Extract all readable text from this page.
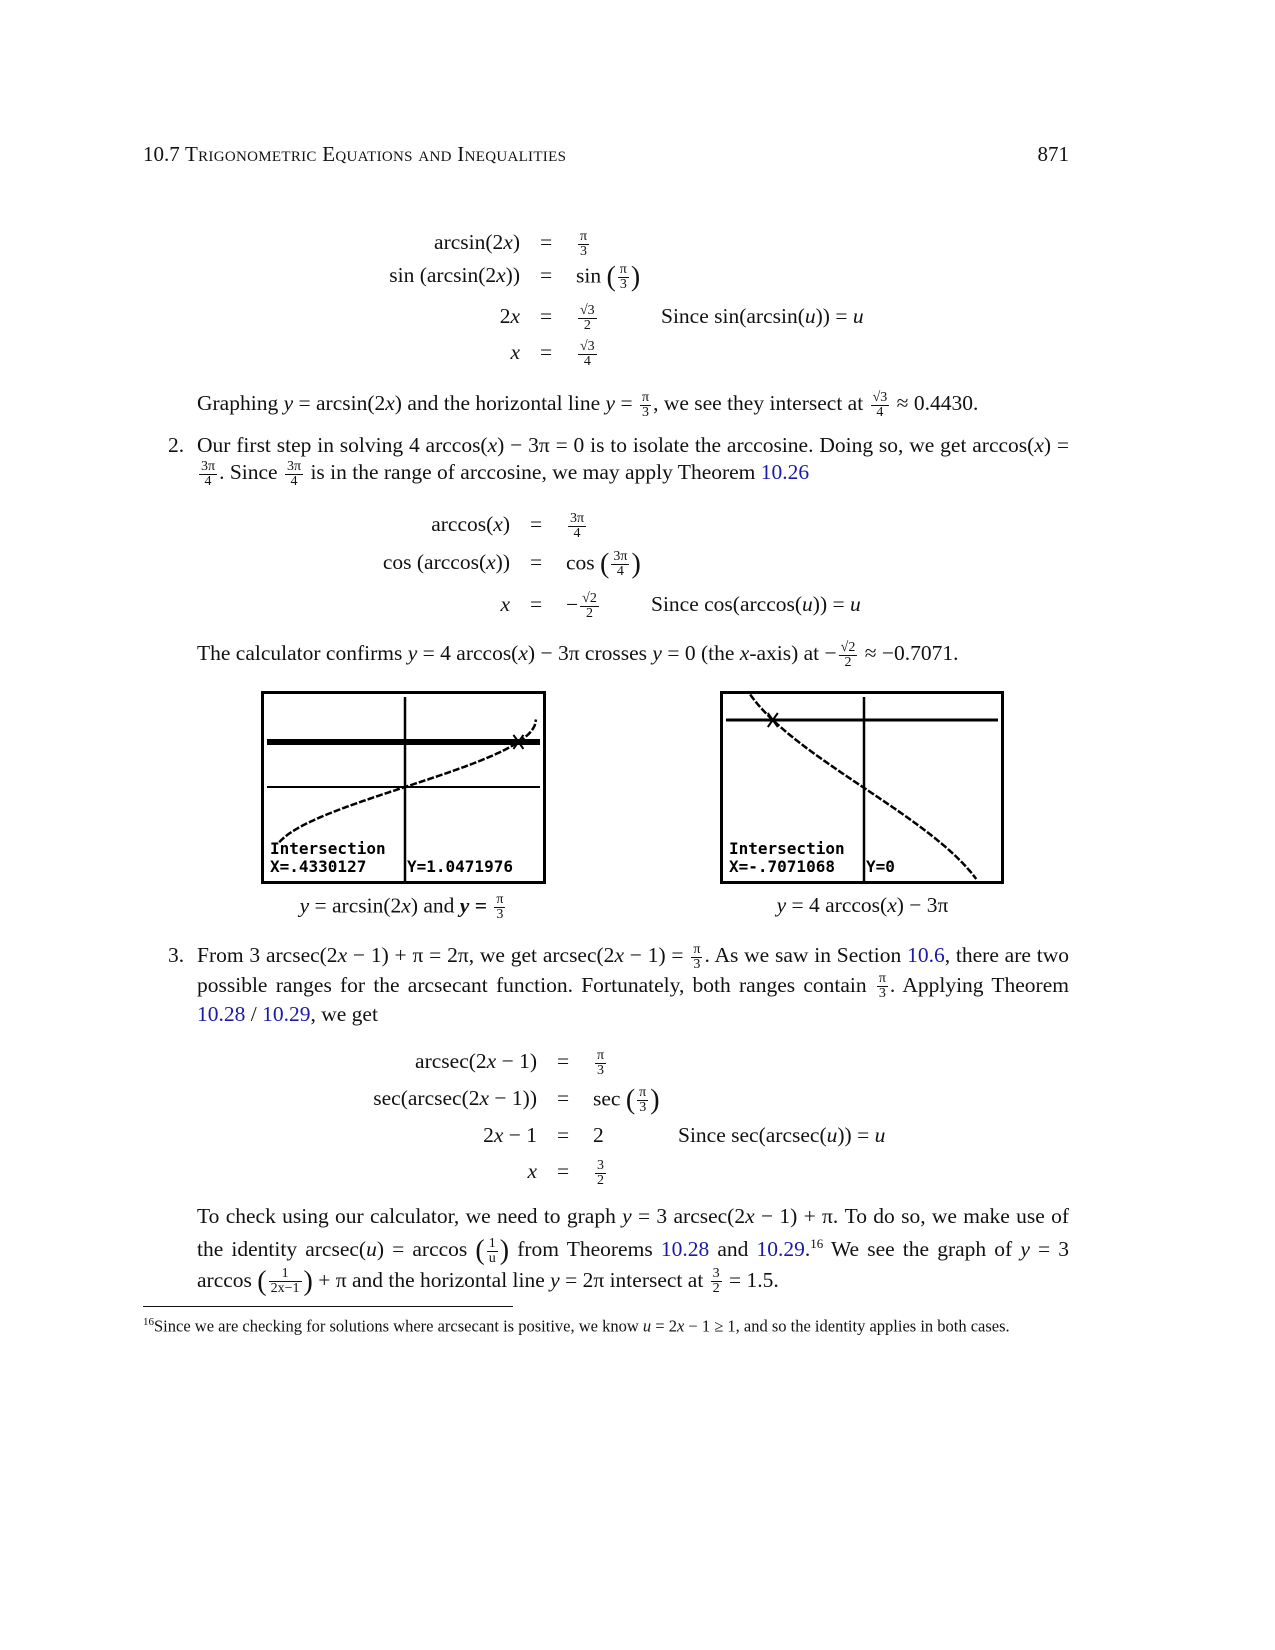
10.7 Trigonometric Equations and Inequalities	871
$\arcsin(2x) = \frac{\pi}{3}$
sin (arcsin(2x)) = sin ( $\frac{\pi}{3}$ )
$2x = \frac{√3}{2}$	Since sin(arcsin(u)) = u
$x = \frac{√3}{4}$
Graphing y = arcsin(2x) and the horizontal line $y = \frac{\pi}{3}$ , we see they intersect at $\frac{√3}{4} \approx 0.4430$.
2. Our first step in solving 4 arccos(x) − 3π = 0 is to isolate the arccosine. Doing so, we get arccos(x) =
$\frac{3\pi}{4}$ . Since $\frac{3\pi}{4}$ is in the range of arccosine, we may apply Theorem 10.26
$\arccos(x) = \frac{3\pi}{4}$
cos (arccos(x)) = cos ( $\frac{3\pi}{4}$ )
x = − $\frac{√2}{2}$ Since cos(arccos(u)) = u
The calculator confirms y = 4 arccos(x) − 3π crosses y = 0 (the x-axis) at − $\frac{√2}{2} \approx -0.7071$.
Intersection
X=.4330127	Y=1.0471976
y = arcsin(2x) and $y = \frac{\pi}{3}$
Intersection
X=-.7071068 Y=0
y = 4 arccos(x) − 3π
3. From 3 arcsec(2x − 1) + π = 2π, we get $arcsec(2x - 1) = \frac{\pi}{3}$ . As we saw in Section 10.6, there are two possible ranges for the arcsecant function. Fortunately, both ranges contain $\frac{\pi}{3}$ . Applying Theorem 10.28 / 10.29, we get
$arcsec(2x - 1) = \frac{\pi}{3}$
sec(arcsec(2x − 1)) = sec ( $\frac{\pi}{3}$ )
2x − 1 = 2	Since sec(arcsec(u)) = u
$x = \frac{3}{2}$
To check using our calculator, we need to graph y = 3 arcsec(2x − 1) + π. To do so, we make use of the identity arcsec(u) = arccos ( $\frac{1}{u}$ ) from Theorems 10.28 and 10.29.16 We see the graph of y = 3 arccos ( $\frac{1}{2x-1}$ ) + π and the horizontal line y = 2π intersect at $\frac{3}{2} = 1.5$.
$^{16}$Since we are checking for solutions where arcsecant is positive, we know u = 2x − 1 ≥ 1, and so the identity applies in both cases.
